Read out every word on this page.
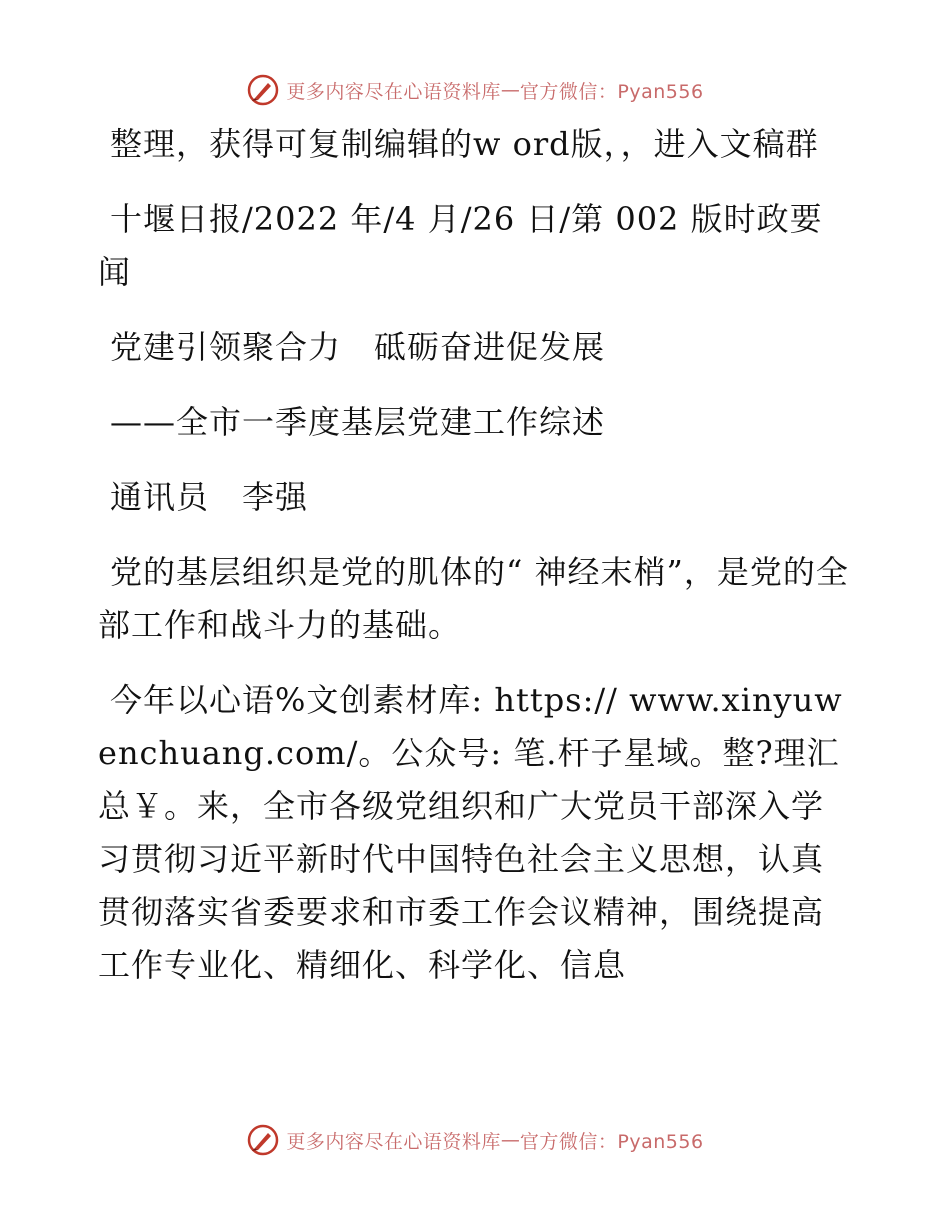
更多内容尽在心语资料库 — 官方微信：Pyan556

整理，获得可复制编辑的w ord版，，进入文稿群

十堰日报/2022 年/4 月/26 日/第 002 版时政要闻

党建引领聚合力　砥砺奋进促发展

——全市一季度基层党建工作综述

通讯员　李强

党的基层组织是党的肌体的“ 神经末梢”，是党的全部工作和战斗力的基础。

今年以心语%文创素材库: https:// www.xinyuwenchuang.com/。公众号: 笔.杆子星域。整?理汇总￥。来，全市各级党组织和广大党员干部深入学习贯彻习近平新时代中国特色社会主义思想，认真贯彻落实省委要求和市委工作会议精神，围绕提高工作专业化、精细化、科学化、信息

更多内容尽在心语资料库 — 官方微信：Pyan556
